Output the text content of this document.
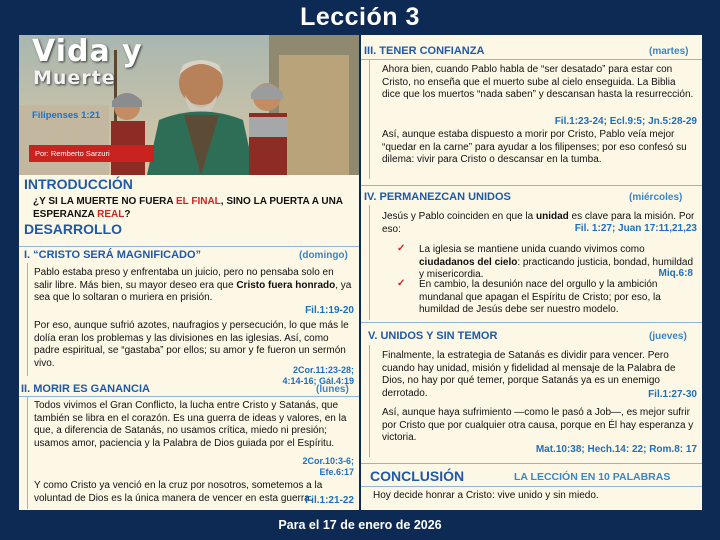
Lección 3
Vida y
Muerte
Filipenses 1:21
Por: Remberto Sarzuri
INTRODUCCIÓN
¿Y SI LA MUERTE NO FUERA EL FINAL, SINO LA PUERTA A UNA ESPERANZA REAL?
DESARROLLO
I. “CRISTO SERÁ MAGNIFICADO”	(domingo)
Pablo estaba preso y enfrentaba un juicio, pero no pensaba solo en salir libre. Más bien, su mayor deseo era que Cristo fuera honrado, ya sea que lo soltaran o muriera en prisión.
Fil.1:19-20
Por eso, aunque sufrió azotes, naufragios y persecución, lo que más le dolía eran los problemas y las divisiones en las iglesias. Así, como padre espiritual, se “gastaba” por ellos; su amor y fe fueron un sermón vivo.
2Cor.11:23-28;
4:14-16; Gál.4:19
II. MORIR ES GANANCIA	(lunes)
Todos vivimos el Gran Conflicto, la lucha entre Cristo y Satanás, que también se libra en el corazón. Es una guerra de ideas y valores, en la que, a diferencia de Satanás, no usamos crítica, miedo ni presión; usamos amor, paciencia y la Palabra de Dios guiada por el Espíritu.
2Cor.10:3-6;
Efe.6:17
Y como Cristo ya venció en la cruz por nosotros, sometemos a la voluntad de Dios es la única manera de vencer en esta guerra.
Fil.1:21-22
III. TENER CONFIANZA	(martes)
Ahora bien, cuando Pablo habla de “ser desatado” para estar con Cristo, no enseña que el muerto sube al cielo enseguida. La Biblia dice que los muertos “nada saben” y descansan hasta la resurrección.
Fil.1:23-24; Ecl.9:5; Jn.5:28-29
Así, aunque estaba dispuesto a morir por Cristo, Pablo veía mejor “quedar en la carne” para ayudar a los filipenses; por eso confesó su dilema: vivir para Cristo o descansar en la tumba.
IV. PERMANEZCAN UNIDOS	(miércoles)
Jesús y Pablo coinciden en que la unidad es clave para la misión. Por eso:	Fil. 1:27; Juan 17:11,21,23
✓ La iglesia se mantiene unida cuando vivimos como ciudadanos del cielo: practicando justicia, bondad, humildad y misericordia.	Miq.6:8
✓ En cambio, la desunión nace del orgullo y la ambición mundanal que apagan el Espíritu de Cristo; por eso, la humildad de Jesús debe ser nuestro modelo.
V. UNIDOS Y SIN TEMOR	(jueves)
Finalmente, la estrategia de Satanás es dividir para vencer. Pero cuando hay unidad, misión y fidelidad al mensaje de la Palabra de Dios, no hay por qué temer, porque Satanás ya es un enemigo derrotado.	Fil.1:27-30
Así, aunque haya sufrimiento —como le pasó a Job—, es mejor sufrir por Cristo que por cualquier otra causa, porque en Él hay esperanza y victoria.
Mat.10:38; Hech.14: 22; Rom.8: 17
CONCLUSIÓN	LA LECCIÓN EN 10 PALABRAS
Hoy decide honrar a Cristo: vive unido y sin miedo.
Para el 17 de enero de 2026
